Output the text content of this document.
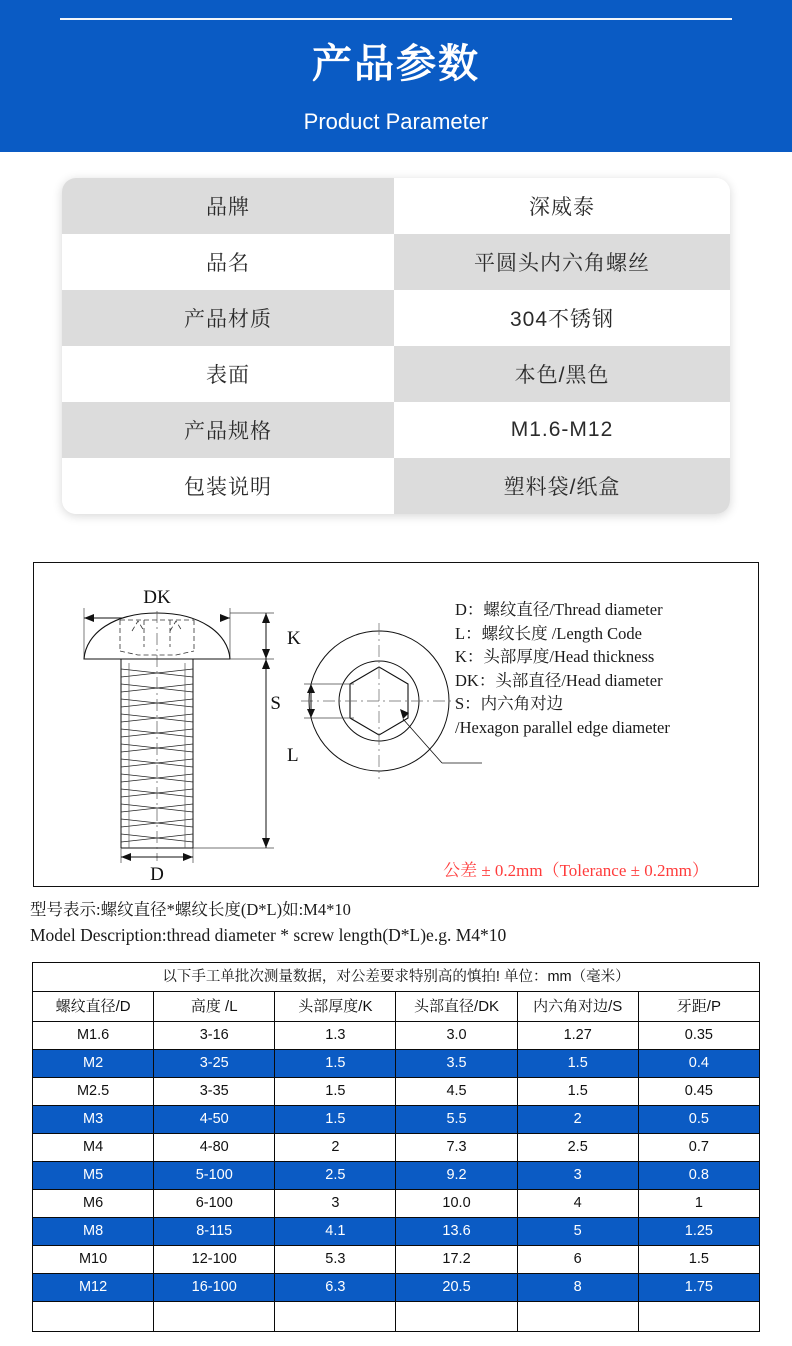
产品参数
Product Parameter
品牌	深威泰
品名	平圆头内六角螺丝
产品材质	304不锈钢
表面	本色/黑色
产品规格	M1.6-M12
包装说明	塑料袋/纸盒
DK
K
L
D
S
D：螺纹直径/Thread diameter
L：螺纹长度 /Length Code
K：头部厚度/Head thickness
DK：头部直径/Head diameter
S：内六角对边
/Hexagon parallel edge diameter
公差 ± 0.2mm（Tolerance ± 0.2mm）
型号表示:螺纹直径*螺纹长度(D*L)如:M4*10
Model Description:thread diameter * screw length(D*L)e.g. M4*10
以下手工单批次测量数据，对公差要求特别高的慎拍! 单位：mm（毫米）					
螺纹直径/D	高度 /L	头部厚度/K	头部直径/DK	内六角对边/S	牙距/P
M1.6	3-16	1.3	3.0	1.27	0.35
M2	3-25	1.5	3.5	1.5	0.4
M2.5	3-35	1.5	4.5	1.5	0.45
M3	4-50	1.5	5.5	2	0.5
M4	4-80	2	7.3	2.5	0.7
M5	5-100	2.5	9.2	3	0.8
M6	6-100	3	10.0	4	1
M8	8-115	4.1	13.6	5	1.25
M10	12-100	5.3	17.2	6	1.5
M12	16-100	6.3	20.5	8	1.75
